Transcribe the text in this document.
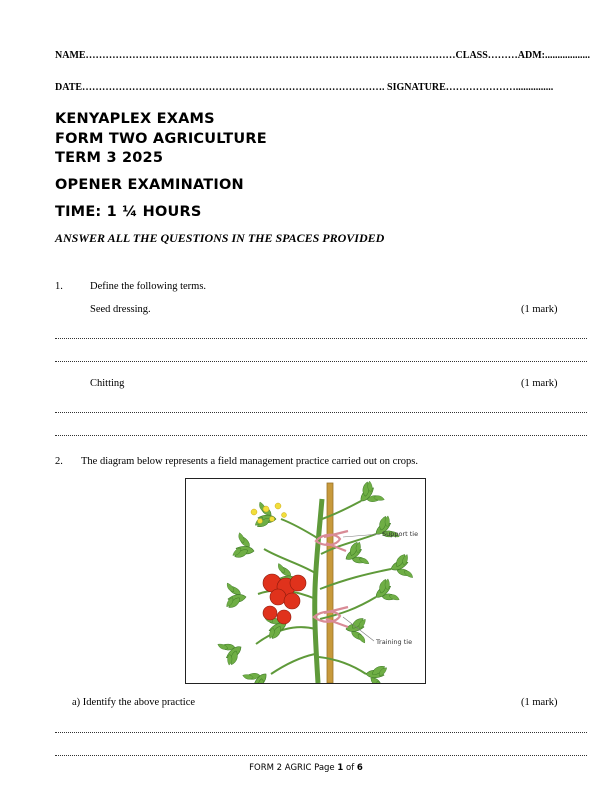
NAME…………………………………………………………………………………………………CLASS………ADM:..................
DATE………………………………………………………………………………. SIGNATURE…………………...............
KENYAPLEX EXAMS
FORM TWO AGRICULTURE
TERM 3 2025
OPENER EXAMINATION
TIME: 1 ¼ HOURS
ANSWER ALL THE QUESTIONS IN THE SPACES PROVIDED
1.	Define the following terms.
Seed dressing.	(1 mark)
Chitting	(1 mark)
2. The diagram below represents a field management practice carried out on crops.
Support tie
Training tie
a) Identify the above practice	(1 mark)
FORM 2 AGRIC Page 1 of 6
